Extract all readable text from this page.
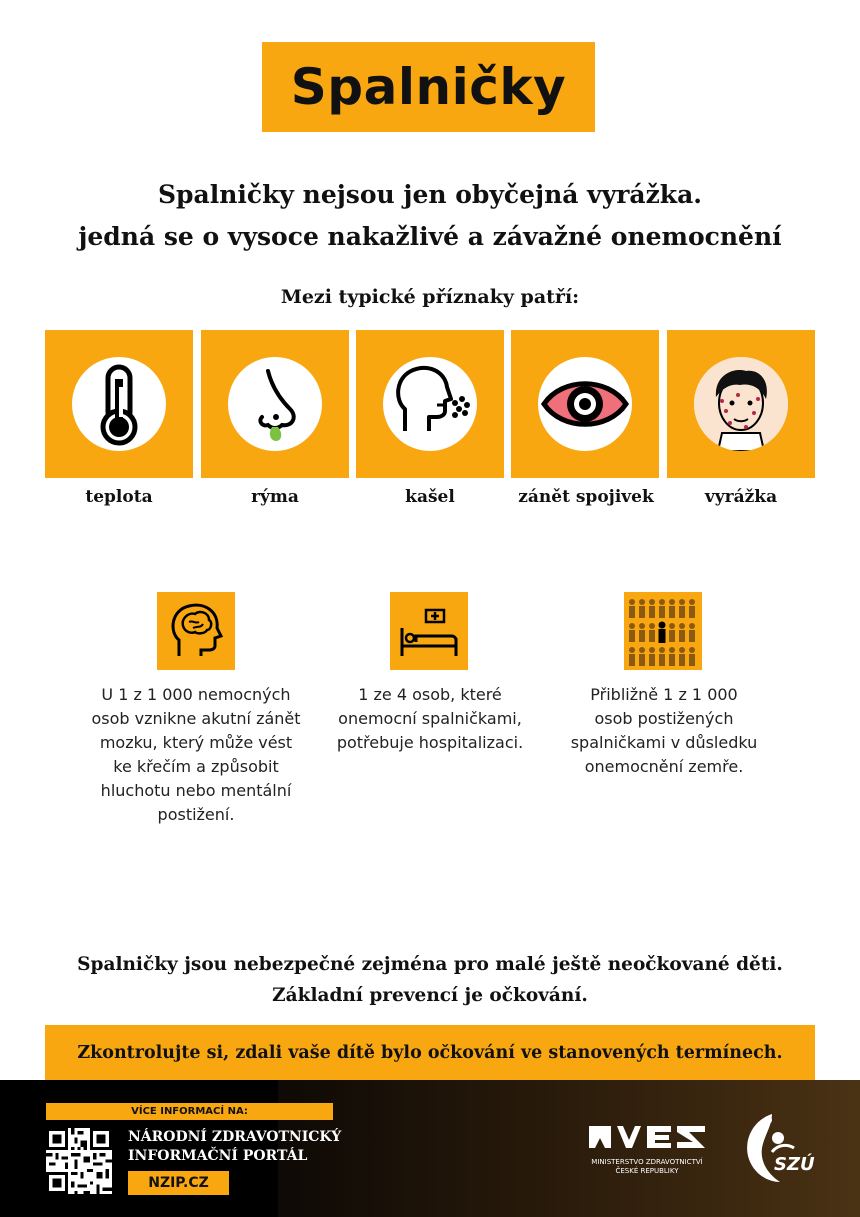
Spalničky
Spalničky nejsou jen obyčejná vyrážka.
jedná se o vysoce nakažlivé a závažné onemocnění
Mezi typické příznaky patří:
teplota	rýma	kašel	zánět spojivek	vyrážka
U 1 z 1 000 nemocných
osob vznikne akutní zánět
mozku, který může vést
ke křečím a způsobit
hluchotu nebo mentální
postižení.
1 ze 4 osob, které
onemocní spalničkami,
potřebuje hospitalizaci.
Přibližně 1 z 1 000
osob postižených
spalničkami v důsledku
onemocnění zemře.
Spalničky jsou nebezpečné zejména pro malé ještě neočkované děti.
Základní prevencí je očkování.
Zkontrolujte si, zdali vaše dítě bylo očkování ve stanovených termínech.
VÍCE INFORMACÍ NA:
NÁRODNÍ ZDRAVOTNICKÝ
INFORMAČNÍ PORTÁL
NZIP.CZ
MINISTERSTVO ZDRAVOTNICTVÍ
ČESKÉ REPUBLIKY	SZÚ
